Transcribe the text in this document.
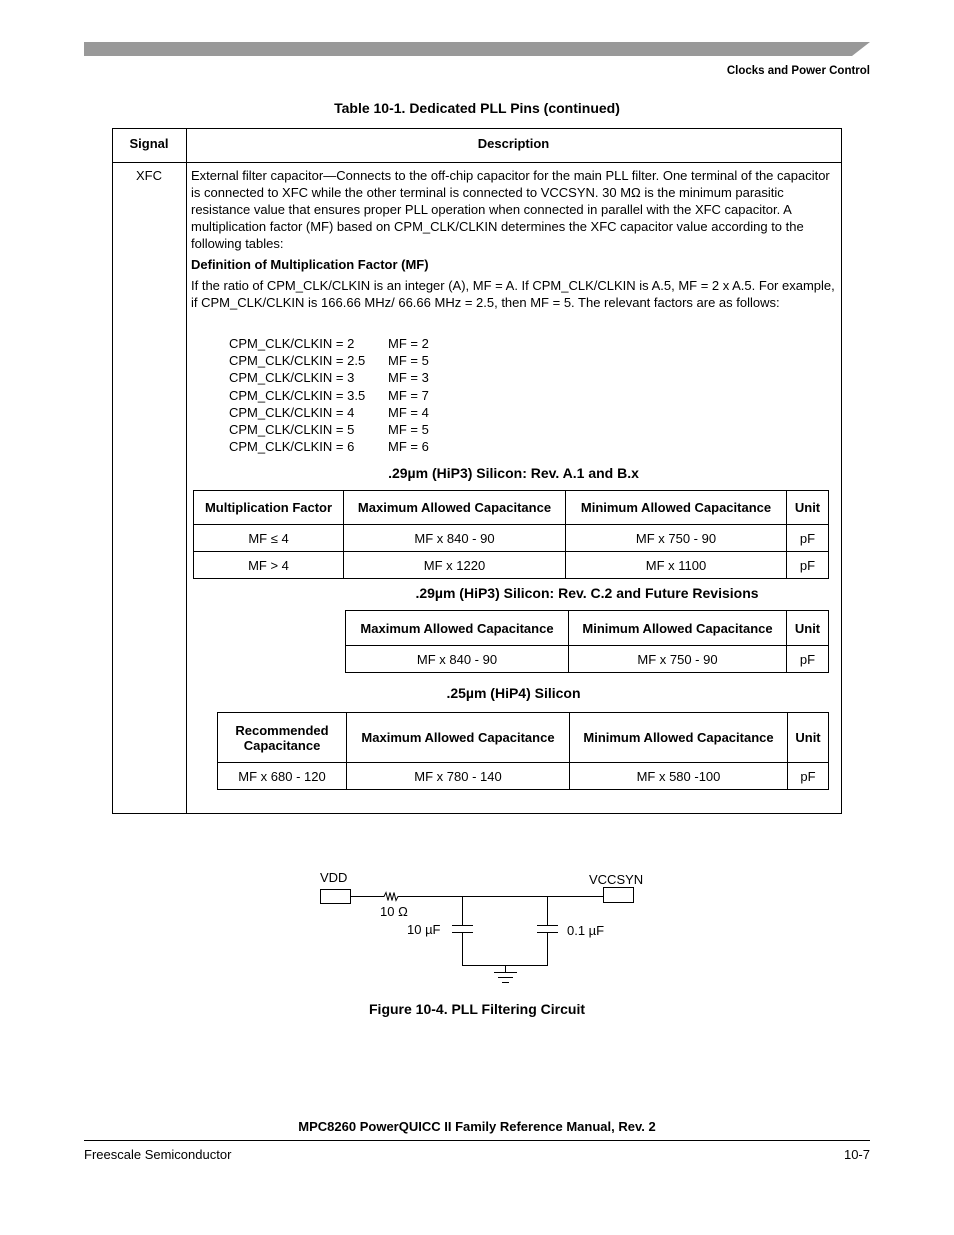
Clocks and Power Control
Table 10-1. Dedicated PLL Pins (continued)
Signal	Description
XFC	External filter capacitor—Connects to the off-chip capacitor for the main PLL filter. One terminal of the capacitor is connected to XFC while the other terminal is connected to VCCSYN. 30 MΩ is the minimum parasitic resistance value that ensures proper PLL operation when connected in parallel with the XFC capacitor. A multiplication factor (MF) based on CPM_CLK/CLKIN determines the XFC capacitor value according to the following tables:

Definition of Multiplication Factor (MF)

If the ratio of CPM_CLK/CLKIN is an integer (A), MF = A. If CPM_CLK/CLKIN is A.5, MF = 2 x A.5. For example, if CPM_CLK/CLKIN is 166.66 MHz/ 66.66 MHz = 2.5, then MF = 5. The relevant factors are as follows:

CPM_CLK/CLKIN = 2	MF = 2
CPM_CLK/CLKIN = 2.5 MF = 5
CPM_CLK/CLKIN = 3	MF = 3
CPM_CLK/CLKIN = 3.5 MF = 7
CPM_CLK/CLKIN = 4	MF = 4
CPM_CLK/CLKIN = 5	MF = 5
CPM_CLK/CLKIN = 6	MF = 6
.29µm (HiP3) Silicon: Rev. A.1 and B.x
Multiplication Factor	Maximum Allowed Capacitance	Minimum Allowed Capacitance	Unit
MF ≤ 4	MF x 840 - 90	MF x 750 - 90	pF
MF > 4	MF x 1220	MF x 1100	pF
.29µm (HiP3) Silicon: Rev. C.2 and Future Revisions
Maximum Allowed Capacitance	Minimum Allowed Capacitance	Unit
MF x 840 - 90	MF x 750 - 90	pF
.25µm (HiP4) Silicon
Recommended Capacitance	Maximum Allowed Capacitance	Minimum Allowed Capacitance	Unit
MF x 680 - 120	MF x 780 - 140	MF x 580 -100	pF
VDD	VCCSYN
10 Ω
10 µF	0.1 µF
Figure 10-4. PLL Filtering Circuit
MPC8260 PowerQUICC II Family Reference Manual, Rev. 2
Freescale Semiconductor	10-7
